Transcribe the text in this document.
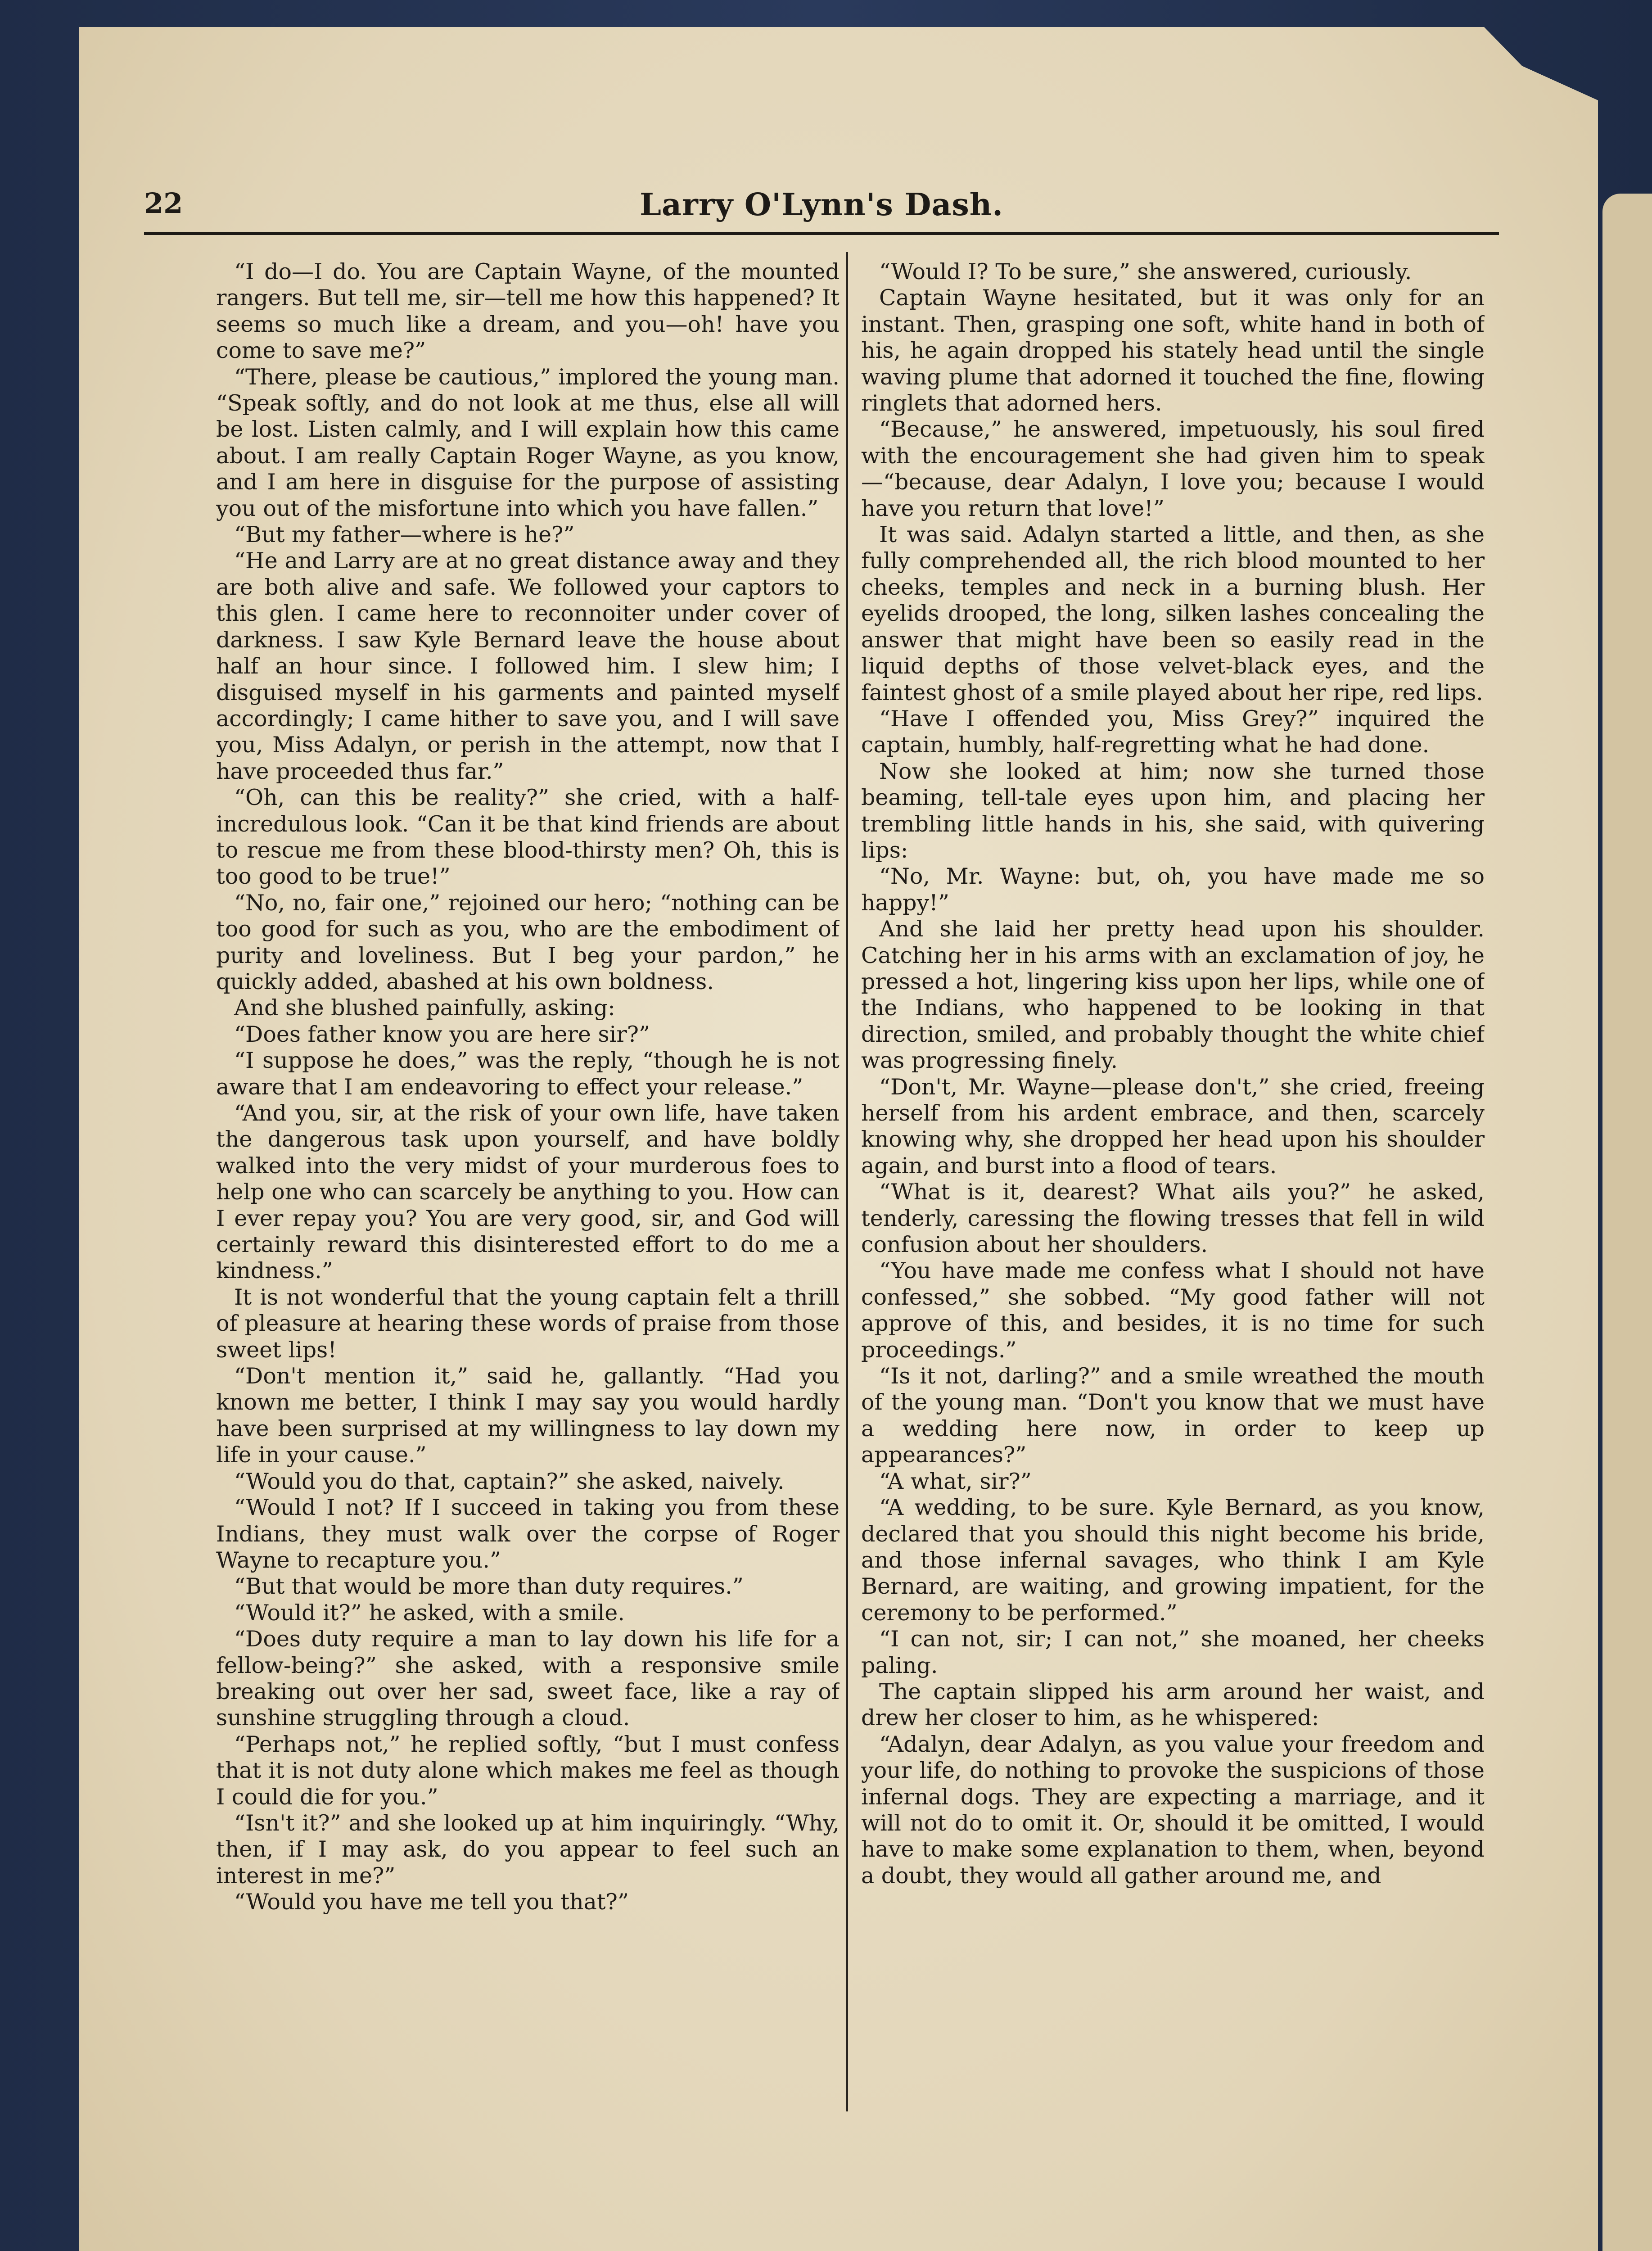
22	Larry O'Lynn's Dash.

“I do—I do. You are Captain Wayne, of the mounted rangers. But tell me, sir—tell me how this happened? It seems so much like a dream, and you—oh! have you come to save me?”

“There, please be cautious,” implored the young man. “Speak softly, and do not look at me thus, else all will be lost. Listen calmly, and I will explain how this came about. I am really Captain Roger Wayne, as you know, and I am here in disguise for the purpose of assisting you out of the misfortune into which you have fallen.”

“But my father—where is he?”

“He and Larry are at no great distance away and they are both alive and safe. We followed your captors to this glen. I came here to reconnoiter under cover of darkness. I saw Kyle Bernard leave the house about half an hour since. I followed him. I slew him; I disguised myself in his garments and painted myself accordingly; I came hither to save you, and I will save you, Miss Adalyn, or perish in the attempt, now that I have proceeded thus far.”

“Oh, can this be reality?” she cried, with a half-incredulous look. “Can it be that kind friends are about to rescue me from these blood-thirsty men? Oh, this is too good to be true!”

“No, no, fair one,” rejoined our hero; “nothing can be too good for such as you, who are the embodiment of purity and loveliness. But I beg your pardon,” he quickly added, abashed at his own boldness.

And she blushed painfully, asking:

“Does father know you are here sir?”

“I suppose he does,” was the reply, “though he is not aware that I am endeavoring to effect your release.”

“And you, sir, at the risk of your own life, have taken the dangerous task upon yourself, and have boldly walked into the very midst of your murderous foes to help one who can scarcely be anything to you. How can I ever repay you? You are very good, sir, and God will certainly reward this disinterested effort to do me a kindness.”

It is not wonderful that the young captain felt a thrill of pleasure at hearing these words of praise from those sweet lips!

“Don't mention it,” said he, gallantly. “Had you known me better, I think I may say you would hardly have been surprised at my willingness to lay down my life in your cause.”

“Would you do that, captain?” she asked, naively.

“Would I not? If I succeed in taking you from these Indians, they must walk over the corpse of Roger Wayne to recapture you.”

“But that would be more than duty requires.”

“Would it?” he asked, with a smile.

“Does duty require a man to lay down his life for a fellow-being?” she asked, with a responsive smile breaking out over her sad, sweet face, like a ray of sunshine struggling through a cloud.

“Perhaps not,” he replied softly, “but I must confess that it is not duty alone which makes me feel as though I could die for you.”

“Isn't it?” and she looked up at him inquiringly. “Why, then, if I may ask, do you appear to feel such an interest in me?”

“Would you have me tell you that?”

“Would I? To be sure,” she answered, curiously.

Captain Wayne hesitated, but it was only for an instant. Then, grasping one soft, white hand in both of his, he again dropped his stately head until the single waving plume that adorned it touched the fine, flowing ringlets that adorned hers.

“Because,” he answered, impetuously, his soul fired with the encouragement she had given him to speak—“because, dear Adalyn, I love you; because I would have you return that love!”

It was said. Adalyn started a little, and then, as she fully comprehended all, the rich blood mounted to her cheeks, temples and neck in a burning blush. Her eyelids drooped, the long, silken lashes concealing the answer that might have been so easily read in the liquid depths of those velvet-black eyes, and the faintest ghost of a smile played about her ripe, red lips.

“Have I offended you, Miss Grey?” inquired the captain, humbly, half-regretting what he had done.

Now she looked at him; now she turned those beaming, tell-tale eyes upon him, and placing her trembling little hands in his, she said, with quivering lips:

“No, Mr. Wayne: but, oh, you have made me so happy!”

And she laid her pretty head upon his shoulder. Catching her in his arms with an exclamation of joy, he pressed a hot, lingering kiss upon her lips, while one of the Indians, who happened to be looking in that direction, smiled, and probably thought the white chief was progressing finely.

“Don't, Mr. Wayne—please don't,” she cried, freeing herself from his ardent embrace, and then, scarcely knowing why, she dropped her head upon his shoulder again, and burst into a flood of tears.

“What is it, dearest? What ails you?” he asked, tenderly, caressing the flowing tresses that fell in wild confusion about her shoulders.

“You have made me confess what I should not have confessed,” she sobbed. “My good father will not approve of this, and besides, it is no time for such proceedings.”

“Is it not, darling?” and a smile wreathed the mouth of the young man. “Don't you know that we must have a wedding here now, in order to keep up appearances?”

“A what, sir?”

“A wedding, to be sure. Kyle Bernard, as you know, declared that you should this night become his bride, and those infernal savages, who think I am Kyle Bernard, are waiting, and growing impatient, for the ceremony to be performed.”

“I can not, sir; I can not,” she moaned, her cheeks paling.

The captain slipped his arm around her waist, and drew her closer to him, as he whispered:

“Adalyn, dear Adalyn, as you value your freedom and your life, do nothing to provoke the suspicions of those infernal dogs. They are expecting a marriage, and it will not do to omit it. Or, should it be omitted, I would have to make some explanation to them, when, beyond a doubt, they would all gather around me, and
